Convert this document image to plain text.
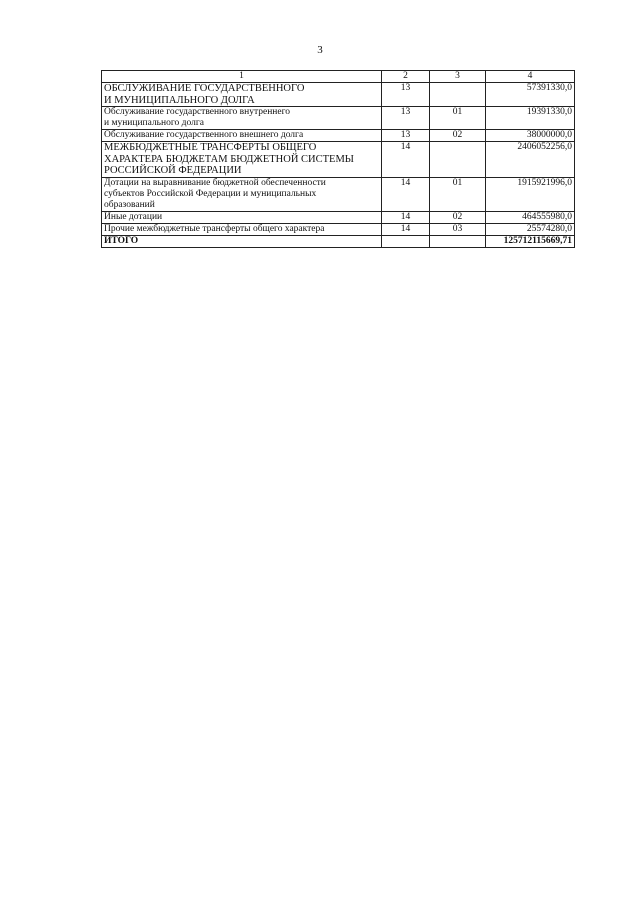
3
1	2	3	4

ОБСЛУЖИВАНИЕ ГОСУДАРСТВЕННОГО
И МУНИЦИПАЛЬНОГО ДОЛГА	13		57391330,0

Обслуживание государственного внутреннего
и муниципального долга	13	01	19391330,0

Обслуживание государственного внешнего долга	13	02	38000000,0

МЕЖБЮДЖЕТНЫЕ ТРАНСФЕРТЫ ОБЩЕГО
ХАРАКТЕРА БЮДЖЕТАМ БЮДЖЕТНОЙ СИСТЕМЫ
РОССИЙСКОЙ ФЕДЕРАЦИИ	14		2406052256,0

Дотации на выравнивание бюджетной обеспеченности
субъектов Российской Федерации и муниципальных
образований	14	01	1915921996,0

Иные дотации	14	02	464555980,0

Прочие межбюджетные трансферты общего характера	14	03	25574280,0
ИТОГО			125712115669,71
